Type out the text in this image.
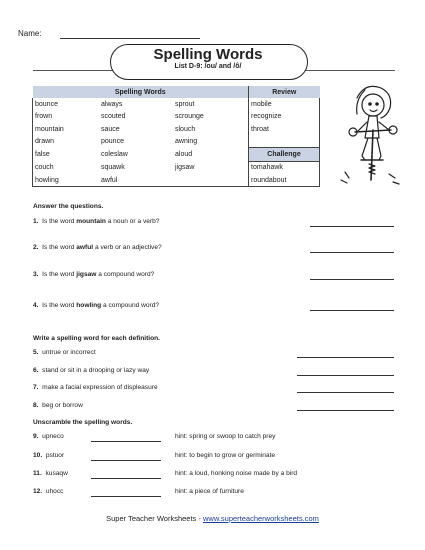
Name:
Spelling Words
List D-9: /ou/ and /ô/
Spelling Words			Review
bounce	always	sprout	mobile
frown	scouted	scrounge	recognize
mountain	sauce	slouch	throat
drawn	pounce	awning	
false	coleslaw	aloud	Challenge
couch	squawk	jigsaw	tomahawk
howling	awful		roundabout
Answer the questions.
1. Is the word mountain a noun or a verb?
2. Is the word awful a verb or an adjective?
3. Is the word jigsaw a compound word?
4. Is the word howling a compound word?
Write a spelling word for each definition.
5. untrue or incorrect
6. stand or sit in a drooping or lazy way
7. make a facial expression of displeasure
8. beg or borrow
Unscramble the spelling words.
9. upneco	hint: spring or swoop to catch prey
10. pstuor	hint: to begin to grow or germinate
11. kusaqw	hint: a loud, honking noise made by a bird
12. uhocc	hint: a piece of furniture
Super Teacher Worksheets - www.superteacherworksheets.com
